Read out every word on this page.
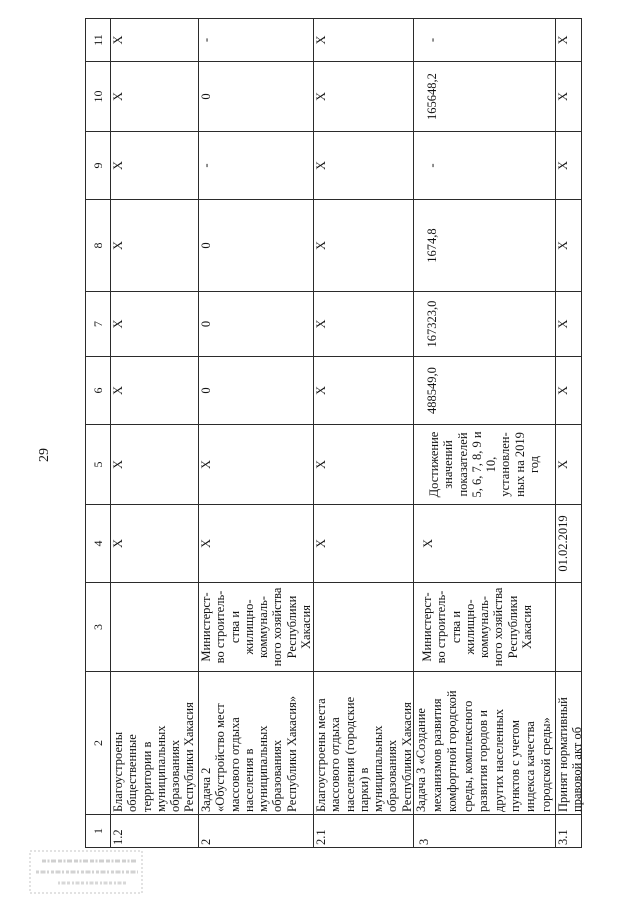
29
1
2
3
4
5
6
7
8
9
10
11
1.2
Благоустроены общественные территории в муниципальных образованиях Республики Хакасия
X
X
X
X
X
X
X
X
2
Задача 2 «Обустройство мест массового отдыха населения в муниципальных образованиях Республики Хакасия»
Министерст- во строитель- ства и жилищно- коммуналь- ного хозяйства Республики Хакасия
X
X
0
0
0
-
0
-
2.1
Благоустроены места массового отдыха населения (городские парки) в муниципальных образованиях Республики Хакасия
X
X
X
X
X
X
X
X
3
Задача 3 «Создание механизмов развития комфортной городской среды, комплексного развития городов и других населенных пунктов с учетом индекса качества городской среды»
Министерст- во строитель- ства и жилищно- коммуналь- ного хозяйства Республики Хакасия
X
Достижение значений показателей 5, 6, 7, 8, 9 и 10, установлен- ных на 2019 год
488549,0
167323,0
1674,8
-
165648,2
-
3.1
Принят нормативный правовой акт об
01.02.2019
X
X
X
X
X
X
X
